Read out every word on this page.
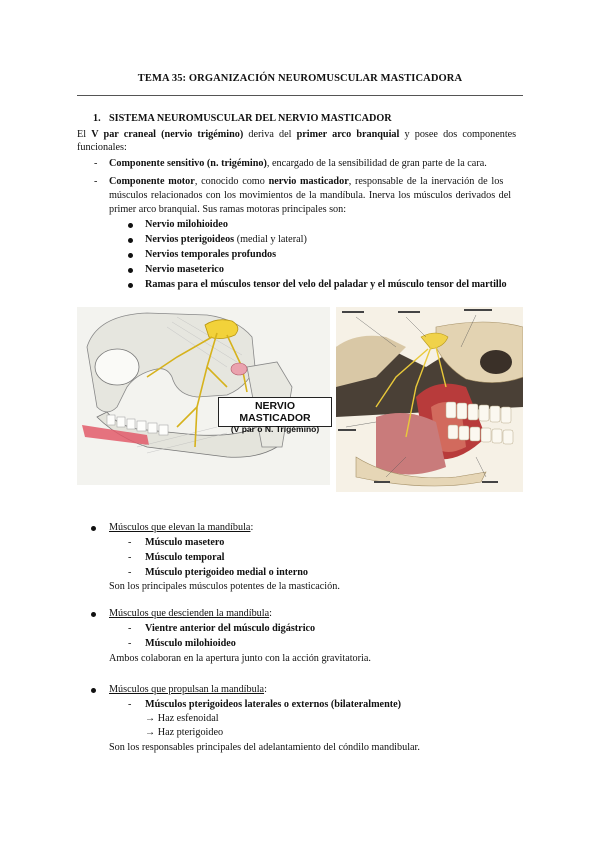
TEMA 35: ORGANIZACIÓN NEUROMUSCULAR MASTICADORA
1. SISTEMA NEUROMUSCULAR DEL NERVIO MASTICADOR
El V par craneal (nervio trigémino) deriva del primer arco branquial y posee dos componentes
funcionales:
- Componente sensitivo (n. trigémino), encargado de la sensibilidad de gran parte de la cara.
- Componente motor, conocido como nervio masticador, responsable de la inervación de los
músculos relacionados con los movimientos de la mandíbula. Inerva los músculos derivados del
primer arco branquial. Sus ramas motoras principales son:
Nervio milohioideo
Nervios pterigoideos (medial y lateral)
Nervios temporales profundos
Nervio maseterico
Ramas para el músculos tensor del velo del paladar y el músculo tensor del martillo
NERVIO MASTICADOR
(V par o N. Trigémino)
Músculos que elevan la mandíbula:
- Músculo masetero
- Músculo temporal
- Músculo pterigoideo medial o interno
Son los principales músculos potentes de la masticación.
Músculos que descienden la mandíbula:
- Vientre anterior del músculo digástrico
- Músculo milohioideo
Ambos colaboran en la apertura junto con la acción gravitatoria.
Músculos que propulsan la mandíbula:
- Músculos pterigoideos laterales o externos (bilateralmente)
→ Haz esfenoidal
→ Haz pterigoideo
Son los responsables principales del adelantamiento del cóndilo mandibular.
